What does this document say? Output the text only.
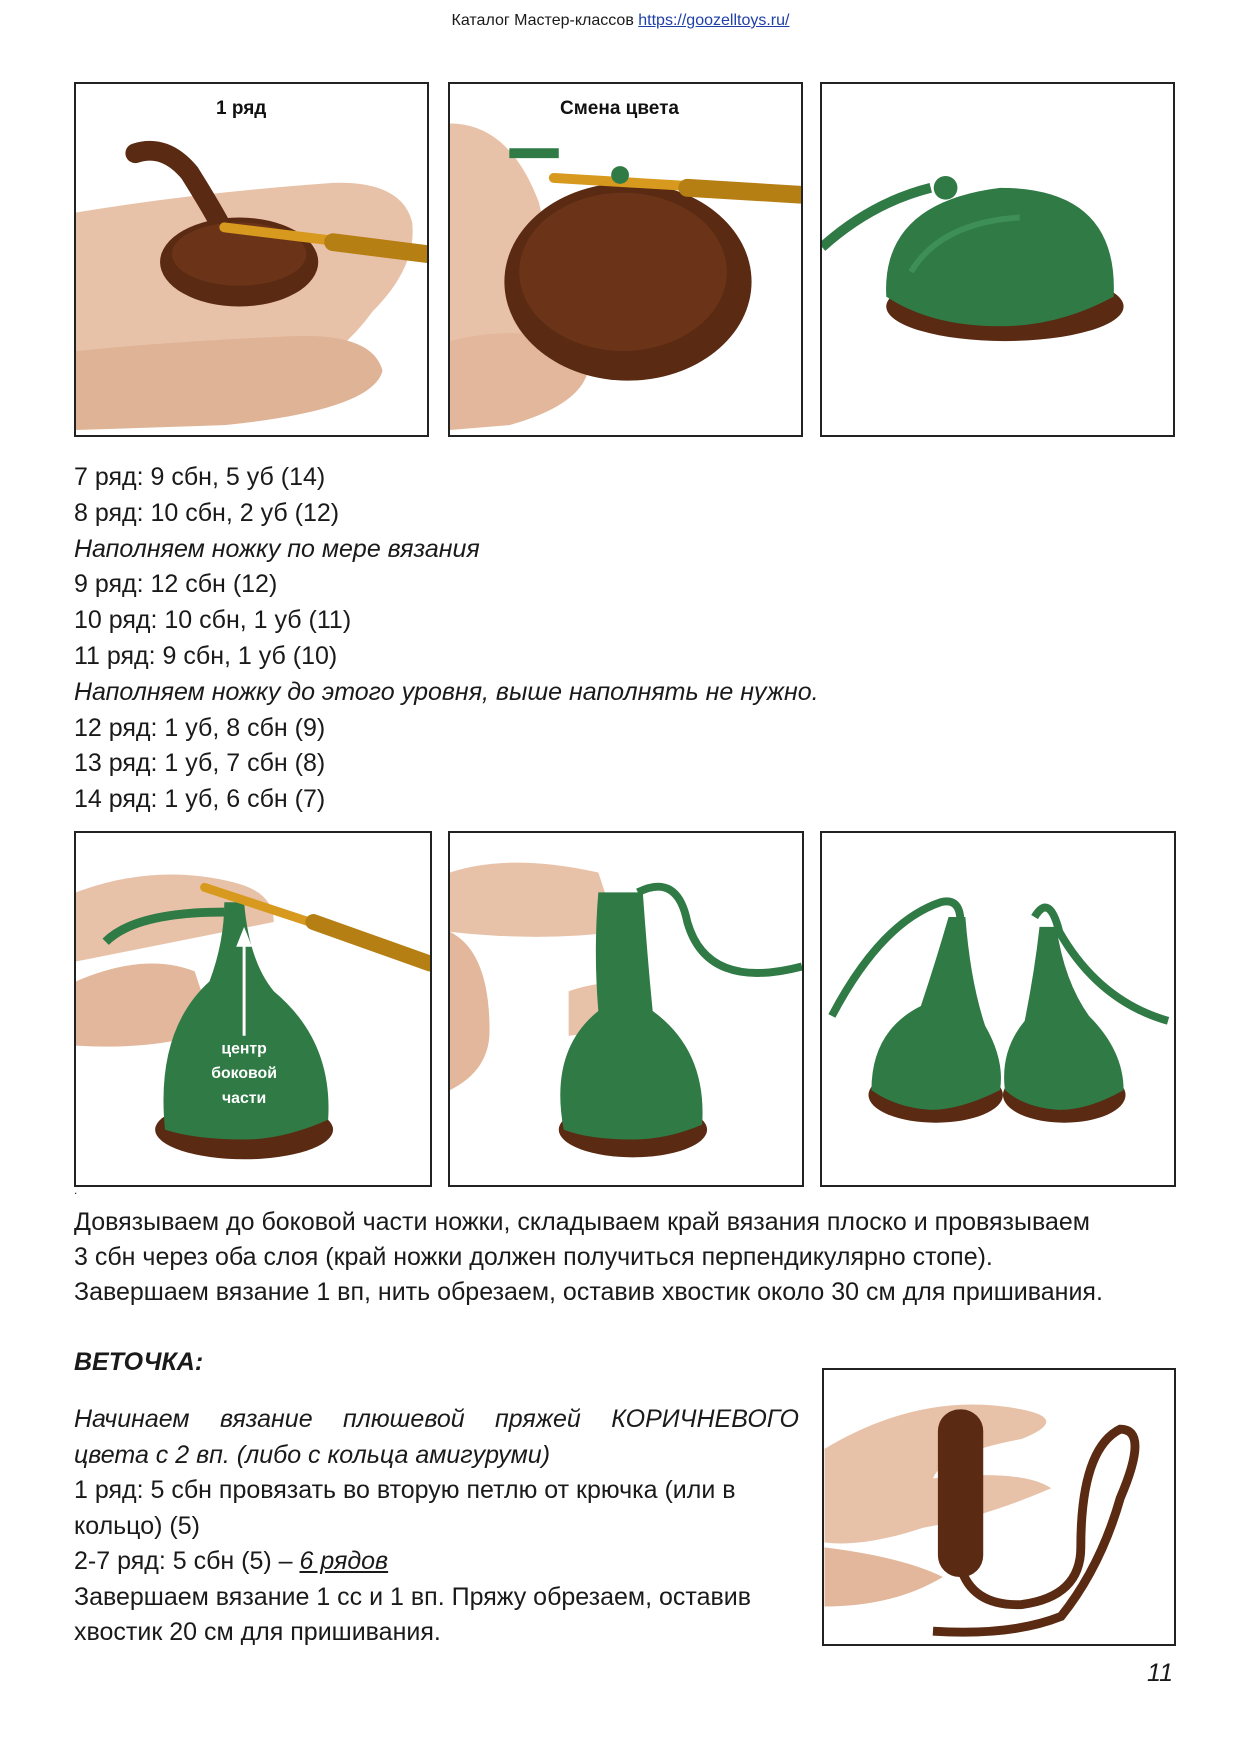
Каталог Мастер-классов https://goozelltoys.ru/
1 ряд	Смена цвета
7 ряд: 9 сбн, 5 уб (14)
8 ряд: 10 сбн, 2 уб (12)
Наполняем ножку по мере вязания
9 ряд: 12 сбн (12)
10 ряд: 10 сбн, 1 уб (11)
11 ряд: 9 сбн, 1 уб (10)
Наполняем ножку до этого уровня, выше наполнять не нужно.
12 ряд: 1 уб, 8 сбн (9)
13 ряд: 1 уб, 7 сбн (8)
14 ряд: 1 уб, 6 сбн (7)
центр
боковой
части
.
Довязываем до боковой части ножки, складываем край вязания плоско и провязываем
3 сбн через оба слоя (край ножки должен получиться перпендикулярно стопе).
Завершаем вязание 1 вп, нить обрезаем, оставив хвостик около 30 см для пришивания.
ВЕТОЧКА:
Начинаем вязание плюшевой пряжей КОРИЧНЕВОГО
цвета с 2 вп. (либо с кольца амигуруми)
1 ряд: 5 сбн провязать во вторую петлю от крючка (или в
кольцо) (5)
2-7 ряд: 5 сбн (5) – 6 рядов
Завершаем вязание 1 сс и 1 вп. Пряжу обрезаем, оставив
хвостик 20 см для пришивания.
11
